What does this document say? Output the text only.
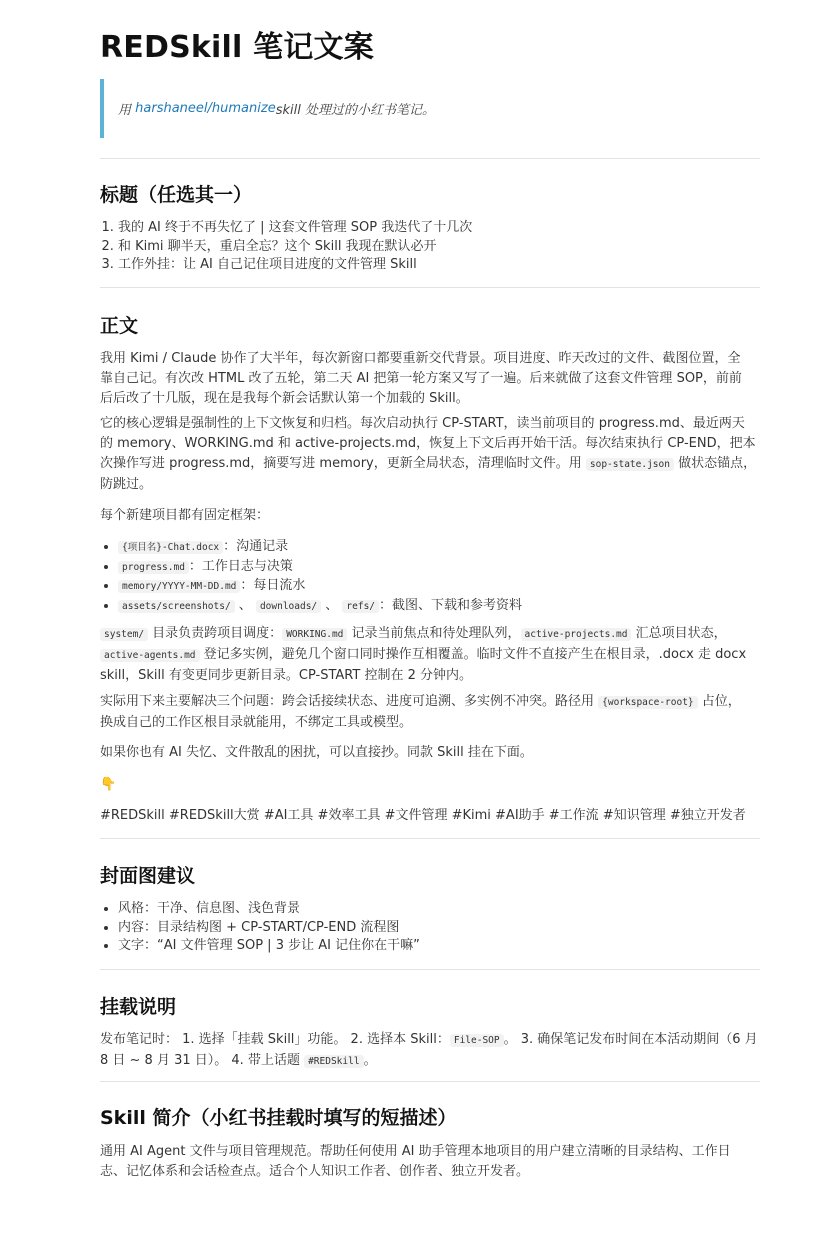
REDSkill 笔记文案
用
harshaneel/humanize skill 处理过的小红书笔记。
标题（任选其一）
1. 我的 AI 终于不再失忆了 | 这套文件管理 SOP 我迭代了十几次
2. 和 Kimi 聊半天，重启全忘？这个 Skill 我现在默认必开
3. 工作外挂：让 AI 自己记住项目进度的文件管理 Skill
正文
我用 Kimi / Claude 协作了大半年，每次新窗口都要重新交代背景。项目进度、昨天改过的文件、截图位置，全
靠自己记。有次改 HTML 改了五轮，第二天 AI 把第一轮方案又写了一遍。后来就做了这套文件管理 SOP，前前
后后改了十几版，现在是我每个新会话默认第一个加载的 Skill。
它的核心逻辑是强制性的上下文恢复和归档。每次启动执行 CP-START，读当前项目的 progress.md、最近两天
的 memory、WORKING.md 和 active-projects.md，恢复上下文后再开始干活。每次结束执行 CP-END，把本
次操作写进 progress.md，摘要写进 memory，更新全局状态，清理临时文件。用 sop-state.json 做状态锚点，
防跳过。
每个新建项目都有固定框架：
• {项目名}-Chat.docx ：沟通记录
• progress.md ：工作日志与决策
• memory/YYYY-MM-DD.md ：每日流水
• assets/screenshots/ 、 downloads/ 、 refs/ ：截图、下载和参考资料
system/ 目录负责跨项目调度： WORKING.md 记录当前焦点和待处理队列， active-projects.md 汇总项目状态，
active-agents.md 登记多实例，避免几个窗口同时操作互相覆盖。临时文件不直接产生在根目录，.docx 走 docx
skill，Skill 有变更同步更新目录。CP-START 控制在 2 分钟内。
实际用下来主要解决三个问题：跨会话接续状态、进度可追溯、多实例不冲突。路径用 {workspace-root} 占位，
换成自己的工作区根目录就能用，不绑定工具或模型。
如果你也有 AI 失忆、文件散乱的困扰，可以直接抄。同款 Skill 挂在下面。
👇
#REDSkill #REDSkill大赏 #AI工具 #效率工具 #文件管理 #Kimi #AI助手 #工作流 #知识管理 #独立开发者
封面图建议
• 风格：干净、信息图、浅色背景
• 内容：目录结构图 + CP-START/CP-END 流程图
• 文字：“AI 文件管理 SOP | 3 步让 AI 记住你在干嘛”
挂载说明
发布笔记时： 1. 选择「挂载 Skill」功能。 2. 选择本 Skill： File-SOP 。 3. 确保笔记发布时间在本活动期间（6 月
8 日 ~ 8 月 31 日）。 4. 带上话题 #REDSkill 。
Skill 简介（小红书挂载时填写的短描述）
通用 AI Agent 文件与项目管理规范。帮助任何使用 AI 助手管理本地项目的用户建立清晰的目录结构、工作日
志、记忆体系和会话检查点。适合个人知识工作者、创作者、独立开发者。
